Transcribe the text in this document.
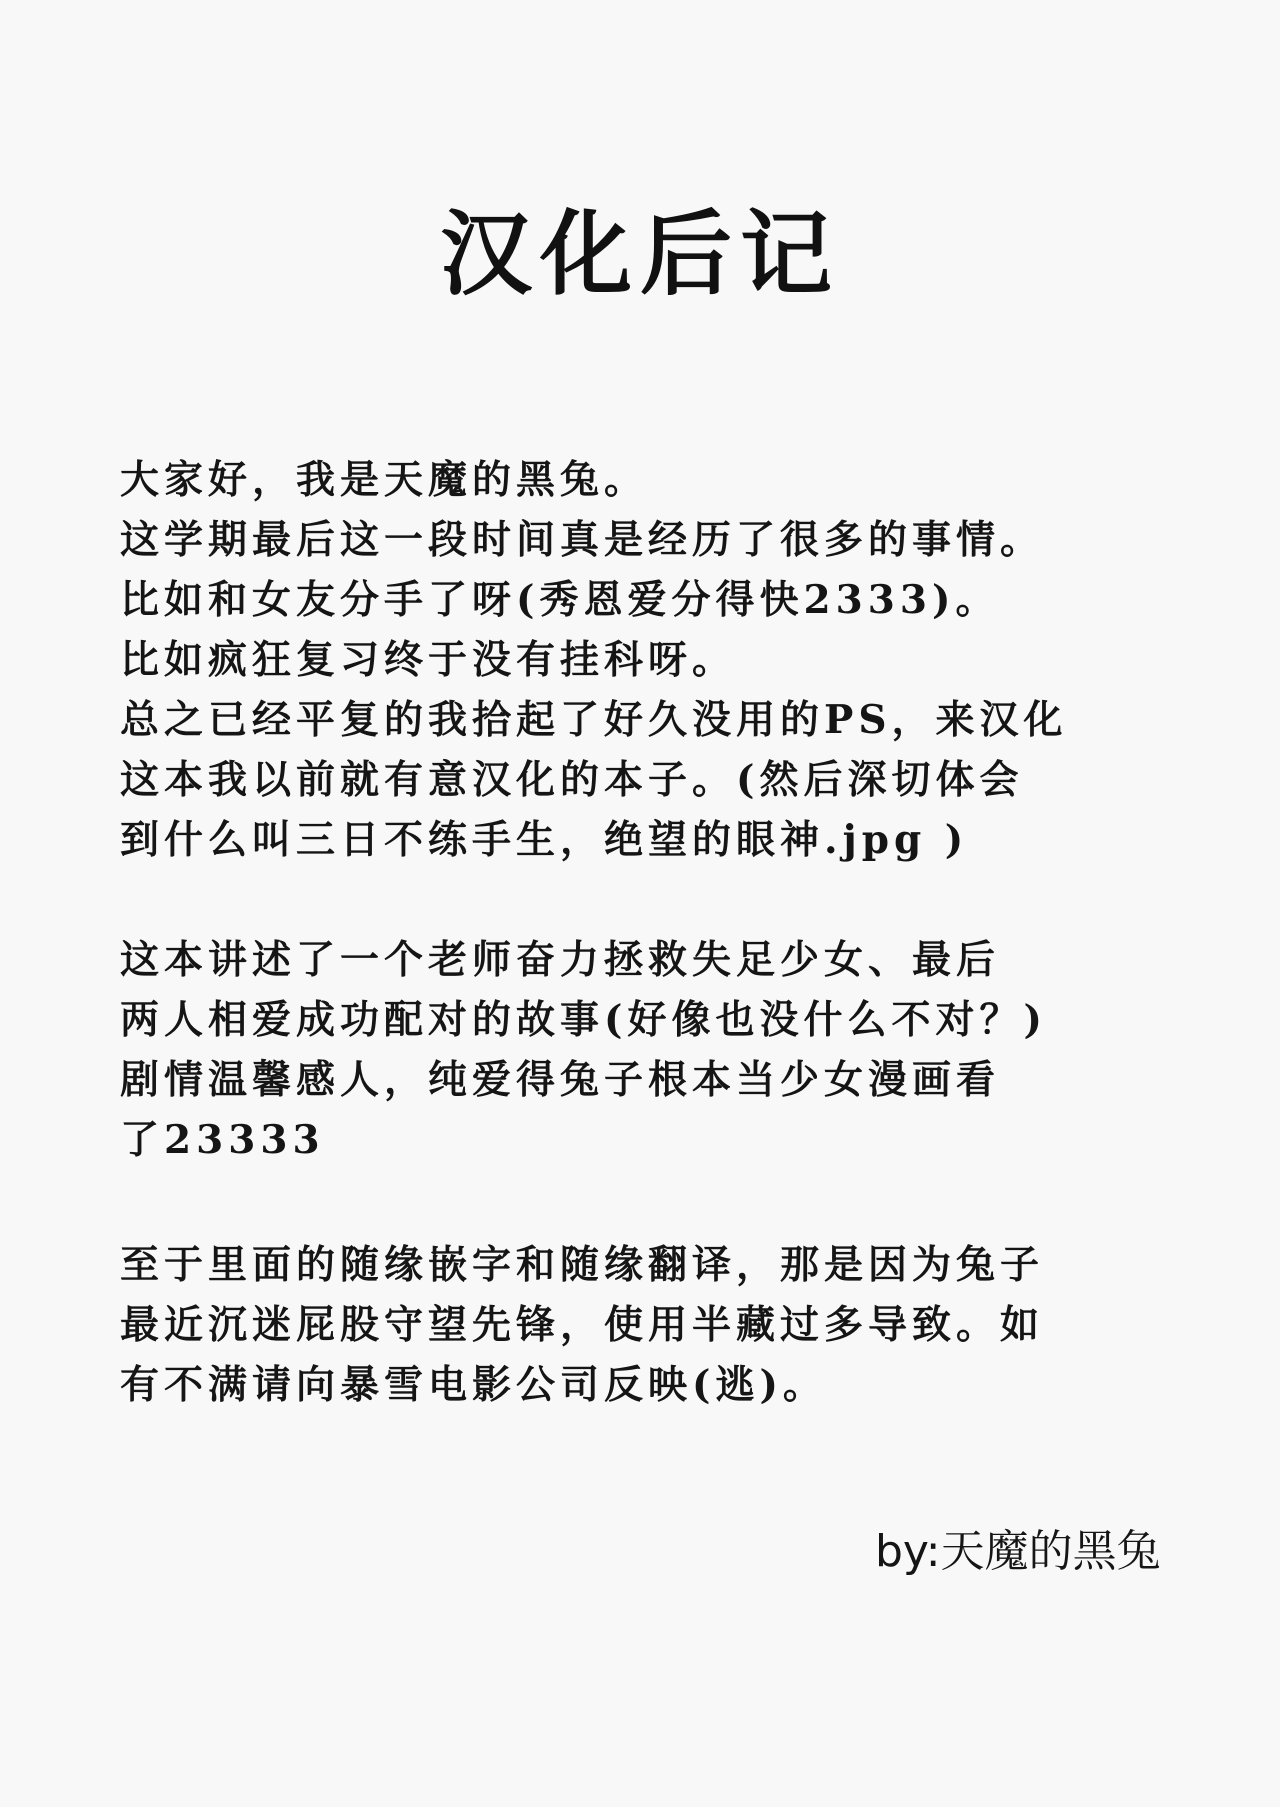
汉化后记
大家好，我是天魔的黑兔。
这学期最后这一段时间真是经历了很多的事情。
比如和女友分手了呀(秀恩爱分得快2333)。
比如疯狂复习终于没有挂科呀。
总之已经平复的我拾起了好久没用的PS，来汉化
这本我以前就有意汉化的本子。(然后深切体会
到什么叫三日不练手生，绝望的眼神.jpg )
这本讲述了一个老师奋力拯救失足少女、最后
两人相爱成功配对的故事(好像也没什么不对？)
剧情温馨感人，纯爱得兔子根本当少女漫画看
了23333
至于里面的随缘嵌字和随缘翻译，那是因为兔子
最近沉迷屁股守望先锋，使用半藏过多导致。如
有不满请向暴雪电影公司反映(逃)。
by:天魔的黑兔
